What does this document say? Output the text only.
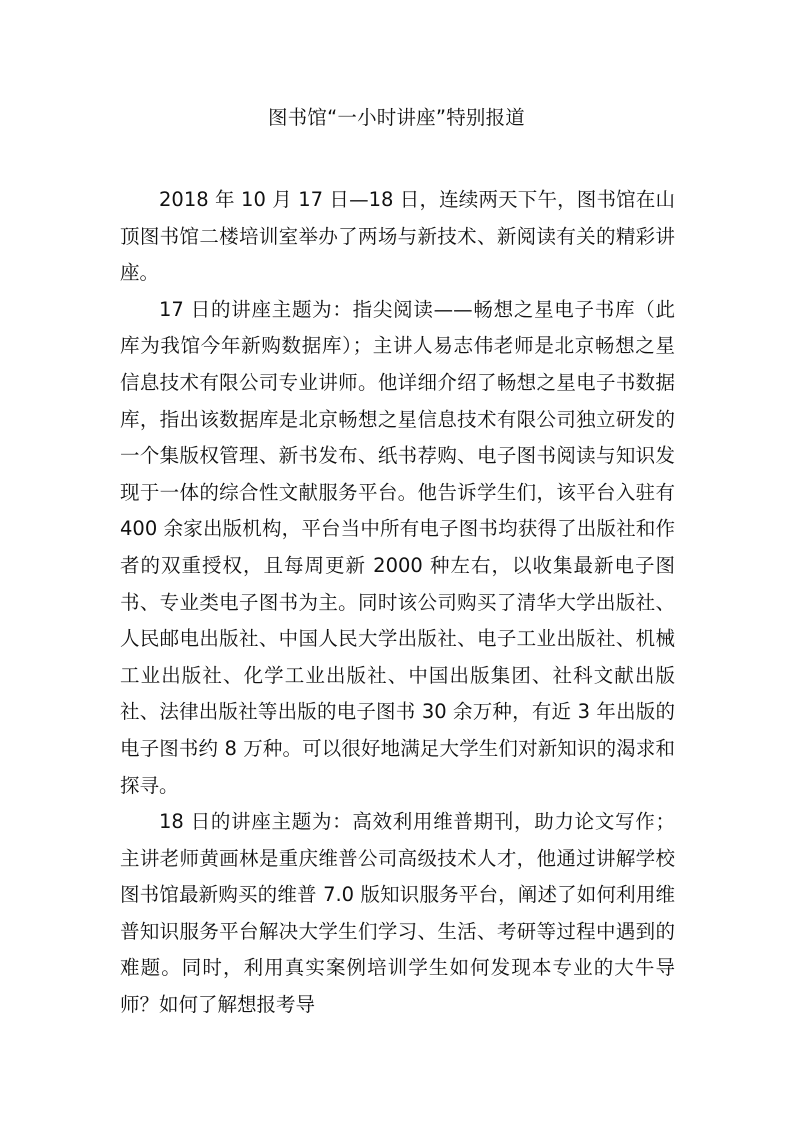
图书馆“一小时讲座”特别报道

2018 年 10 月 17 日—18 日，连续两天下午，图书馆在山顶图书馆二楼培训室举办了两场与新技术、新阅读有关的精彩讲座。

17 日的讲座主题为：指尖阅读——畅想之星电子书库（此库为我馆今年新购数据库）；主讲人易志伟老师是北京畅想之星信息技术有限公司专业讲师。他详细介绍了畅想之星电子书数据库，指出该数据库是北京畅想之星信息技术有限公司独立研发的一个集版权管理、新书发布、纸书荐购、电子图书阅读与知识发现于一体的综合性文献服务平台。他告诉学生们，该平台入驻有 400 余家出版机构，平台当中所有电子图书均获得了出版社和作者的双重授权，且每周更新 2000 种左右，以收集最新电子图书、专业类电子图书为主。同时该公司购买了清华大学出版社、人民邮电出版社、中国人民大学出版社、电子工业出版社、机械工业出版社、化学工业出版社、中国出版集团、社科文献出版社、法律出版社等出版的电子图书 30 余万种，有近 3 年出版的电子图书约 8 万种。可以很好地满足大学生们对新知识的渴求和探寻。

18 日的讲座主题为：高效利用维普期刊，助力论文写作；主讲老师黄画林是重庆维普公司高级技术人才，他通过讲解学校图书馆最新购买的维普 7.0 版知识服务平台，阐述了如何利用维普知识服务平台解决大学生们学习、生活、考研等过程中遇到的难题。同时，利用真实案例培训学生如何发现本专业的大牛导师？如何了解想报考导
